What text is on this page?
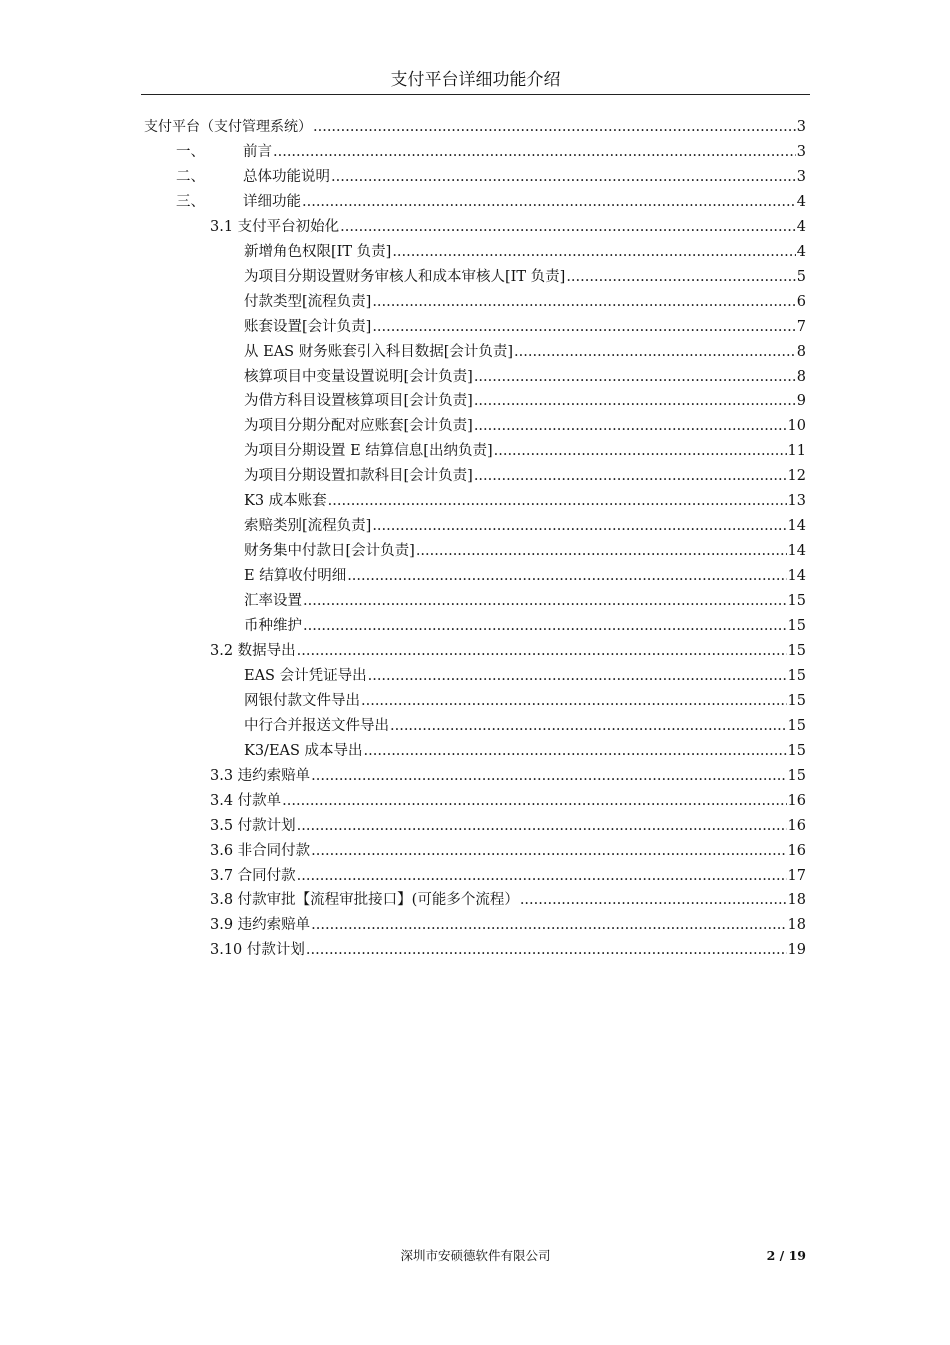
支付平台详细功能介绍
支付平台（支付管理系统） .....	3
一、	前言 .....	3
二、	总体功能说明 .....	3
三、	详细功能 .....	4
3.1 支付平台初始化 .....	4
新增角色权限[IT 负责] .....	4
为项目分期设置财务审核人和成本审核人[IT 负责] .....	5
付款类型[流程负责] .....	6
账套设置[会计负责] .....	7
从 EAS 财务账套引入科目数据[会计负责] .....	8
核算项目中变量设置说明[会计负责] .....	8
为借方科目设置核算项目[会计负责] .....	9
为项目分期分配对应账套[会计负责] .....	10
为项目分期设置 E 结算信息[出纳负责] .....	11
为项目分期设置扣款科目[会计负责] .....	12
K3 成本账套 .....	13
索赔类别[流程负责] .....	14
财务集中付款日[会计负责] .....	14
E 结算收付明细 .....	14
汇率设置 .....	15
币种维护 .....	15
3.2 数据导出 .....	15
EAS 会计凭证导出 .....	15
网银付款文件导出 .....	15
中行合并报送文件导出 .....	15
K3/EAS 成本导出 .....	15
3.3 违约索赔单 .....	15
3.4 付款单 .....	16
3.5 付款计划 .....	16
3.6 非合同付款 .....	16
3.7 合同付款 .....	17
3.8 付款审批【流程审批接口】(可能多个流程） .....	18
3.9 违约索赔单 .....	18
3.10 付款计划 .....	19
深圳市安硕德软件有限公司	2 / 19
